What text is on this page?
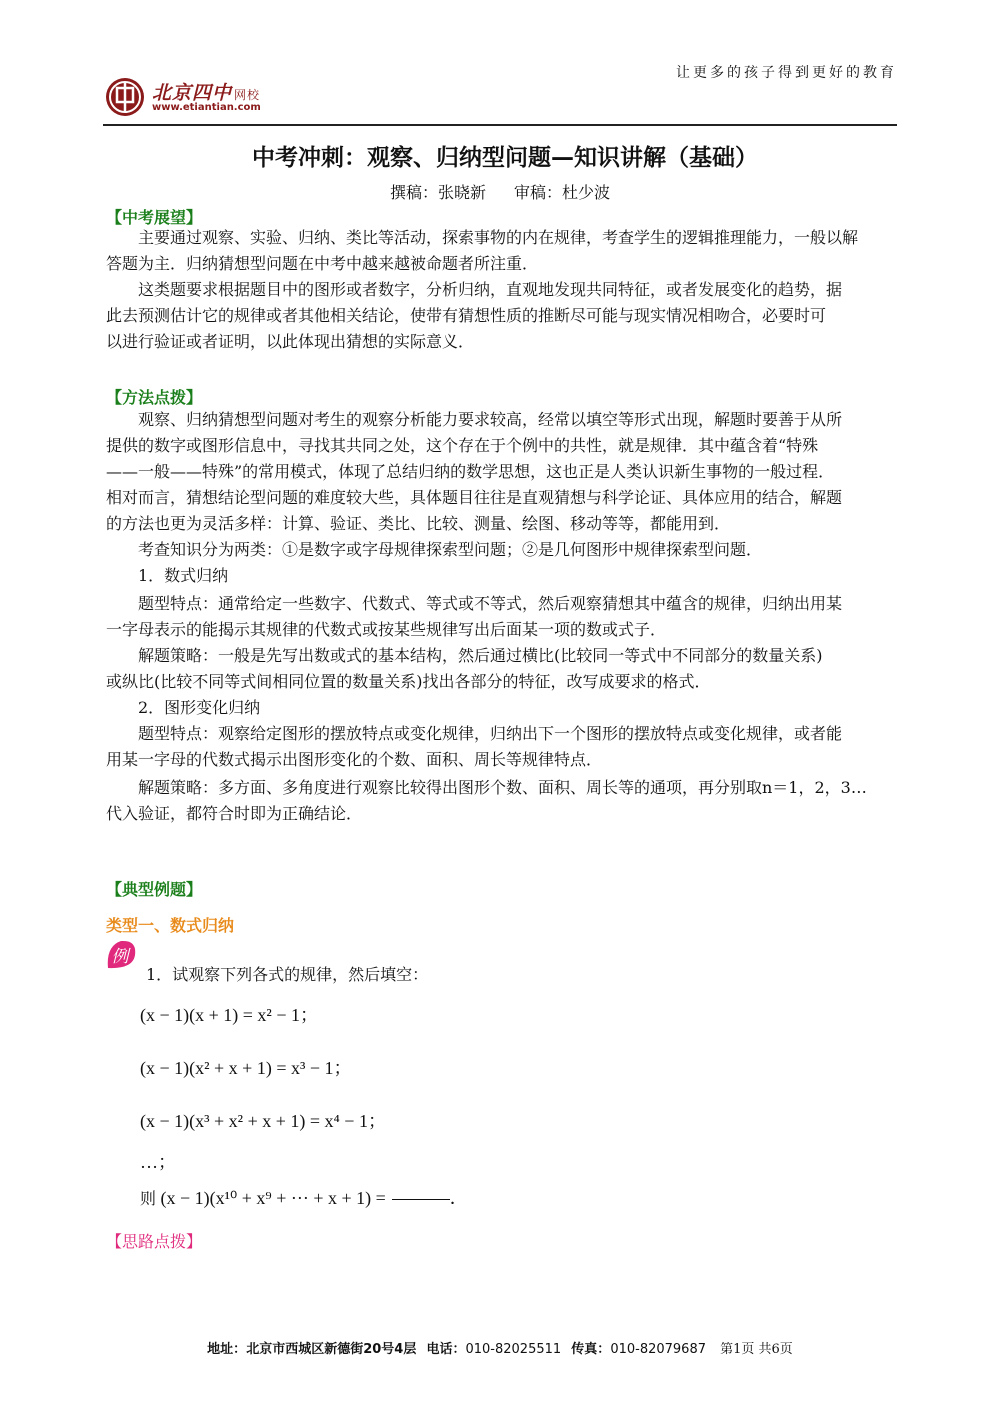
让更多的孩子得到更好的教育
北京四中 网校
www.etiantian.com
中考冲刺：观察、归纳型问题—知识讲解（基础）
撰稿：张晓新 审稿：杜少波
【中考展望】
主要通过观察、实验、归纳、类比等活动，探索事物的内在规律，考查学生的逻辑推理能力，一般以解
答题为主．归纳猜想型问题在中考中越来越被命题者所注重．
这类题要求根据题目中的图形或者数字，分析归纳，直观地发现共同特征，或者发展变化的趋势，据
此去预测估计它的规律或者其他相关结论，使带有猜想性质的推断尽可能与现实情况相吻合，必要时可
以进行验证或者证明，以此体现出猜想的实际意义．
【方法点拨】
观察、归纳猜想型问题对考生的观察分析能力要求较高，经常以填空等形式出现，解题时要善于从所
提供的数字或图形信息中，寻找其共同之处，这个存在于个例中的共性，就是规律．其中蕴含着“特殊
——一般——特殊”的常用模式，体现了总结归纳的数学思想，这也正是人类认识新生事物的一般过程．
相对而言，猜想结论型问题的难度较大些，具体题目往往是直观猜想与科学论证、具体应用的结合，解题
的方法也更为灵活多样：计算、验证、类比、比较、测量、绘图、移动等等，都能用到．
考查知识分为两类：①是数字或字母规律探索型问题；②是几何图形中规律探索型问题．
1．数式归纳
题型特点：通常给定一些数字、代数式、等式或不等式，然后观察猜想其中蕴含的规律，归纳出用某
一字母表示的能揭示其规律的代数式或按某些规律写出后面某一项的数或式子．
解题策略：一般是先写出数或式的基本结构，然后通过横比(比较同一等式中不同部分的数量关系)
或纵比(比较不同等式间相同位置的数量关系)找出各部分的特征，改写成要求的格式．
2．图形变化归纳
题型特点：观察给定图形的摆放特点或变化规律，归纳出下一个图形的摆放特点或变化规律，或者能
用某一字母的代数式揭示出图形变化的个数、面积、周长等规律特点．
解题策略：多方面、多角度进行观察比较得出图形个数、面积、周长等的通项，再分别取n＝1，2，3…
代入验证，都符合时即为正确结论．
【典型例题】
类型一、数式归纳
例
1．试观察下列各式的规律，然后填空：
(x − 1)(x + 1) = x² − 1；
(x − 1)(x² + x + 1) = x³ − 1；
(x − 1)(x³ + x² + x + 1) = x⁴ − 1；
…；
则 (x − 1)(x¹⁰ + x⁹ + ··· + x + 1) =	．
【思路点拨】
地址：北京市西城区新德街20号4层 电话：010-82025511 传真：010-82079687 第1页 共6页
